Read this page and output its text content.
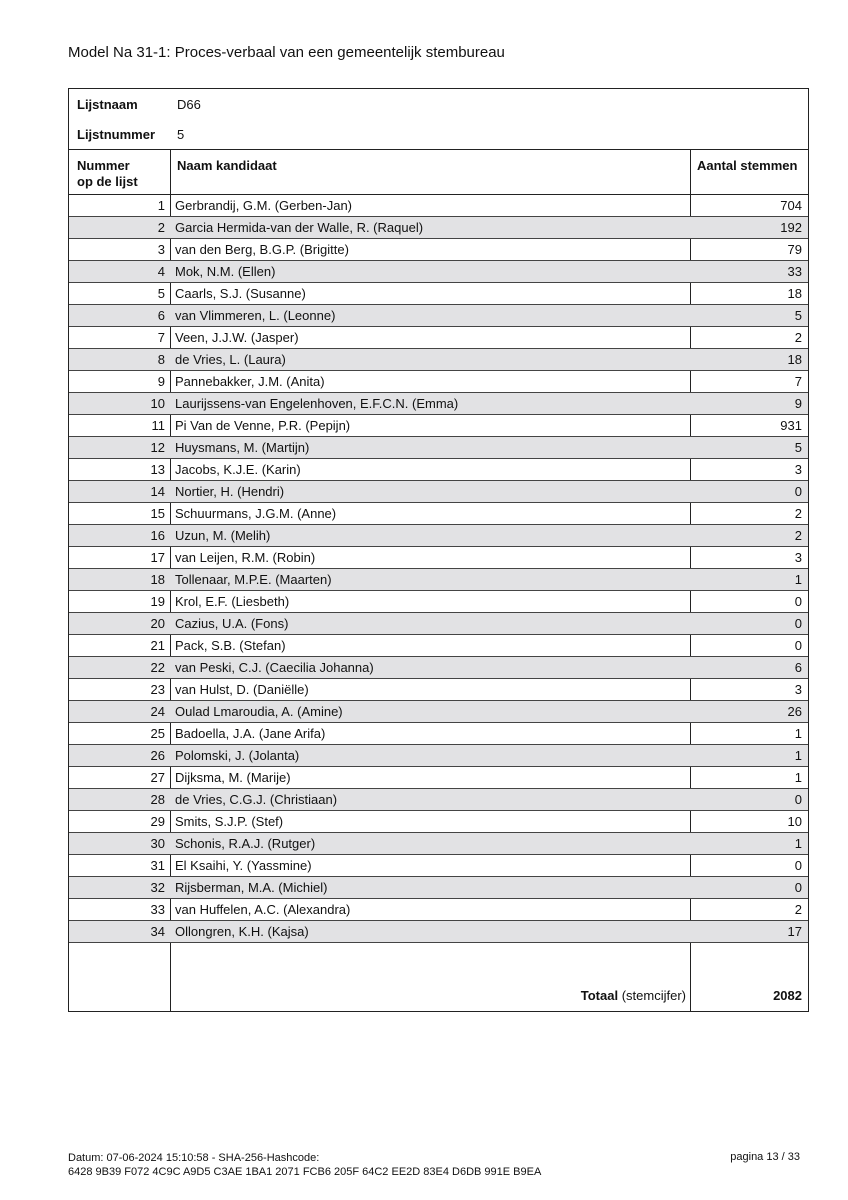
Model Na 31-1: Proces-verbaal van een gemeentelijk stembureau
Lijstnaam	D66
Lijstnummer 5
Nummer
op de lijst
Naam kandidaat	Aantal stemmen
1 Gerbrandij, G.M. (Gerben-Jan)	704
2 Garcia Hermida-van der Walle, R. (Raquel)	192
3 van den Berg, B.G.P. (Brigitte)	79
4 Mok, N.M. (Ellen)	33
5 Caarls, S.J. (Susanne)	18
6 van Vlimmeren, L. (Leonne)	5
7 Veen, J.J.W. (Jasper)	2
8 de Vries, L. (Laura)	18
9 Pannebakker, J.M. (Anita)	7
10 Laurijssens-van Engelenhoven, E.F.C.N. (Emma)	9
11 Pi Van de Venne, P.R. (Pepijn)	931
12 Huysmans, M. (Martijn)	5
13 Jacobs, K.J.E. (Karin)	3
14 Nortier, H. (Hendri)	0
15 Schuurmans, J.G.M. (Anne)	2
16 Uzun, M. (Melih)	2
17 van Leijen, R.M. (Robin)	3
18 Tollenaar, M.P.E. (Maarten)	1
19 Krol, E.F. (Liesbeth)	0
20 Cazius, U.A. (Fons)	0
21 Pack, S.B. (Stefan)	0
22 van Peski, C.J. (Caecilia Johanna)	6
23 van Hulst, D. (Daniëlle)	3
24 Oulad Lmaroudia, A. (Amine)	26
25 Badoella, J.A. (Jane Arifa)	1
26 Polomski, J. (Jolanta)	1
27 Dijksma, M. (Marije)	1
28 de Vries, C.G.J. (Christiaan)	0
29 Smits, S.J.P. (Stef)	10
30 Schonis, R.A.J. (Rutger)	1
31 El Ksaihi, Y. (Yassmine)	0
32 Rijsberman, M.A. (Michiel)	0
33 van Huffelen, A.C. (Alexandra)	2
34 Ollongren, K.H. (Kajsa)	17
Totaal (stemcijfer)	2082
Datum: 07-06-2024 15:10:58 - SHA-256-Hashcode:
6428 9B39 F072 4C9C A9D5 C3AE 1BA1 2071 FCB6 205F 64C2 EE2D 83E4 D6DB 991E B9EA
pagina 13 / 33
